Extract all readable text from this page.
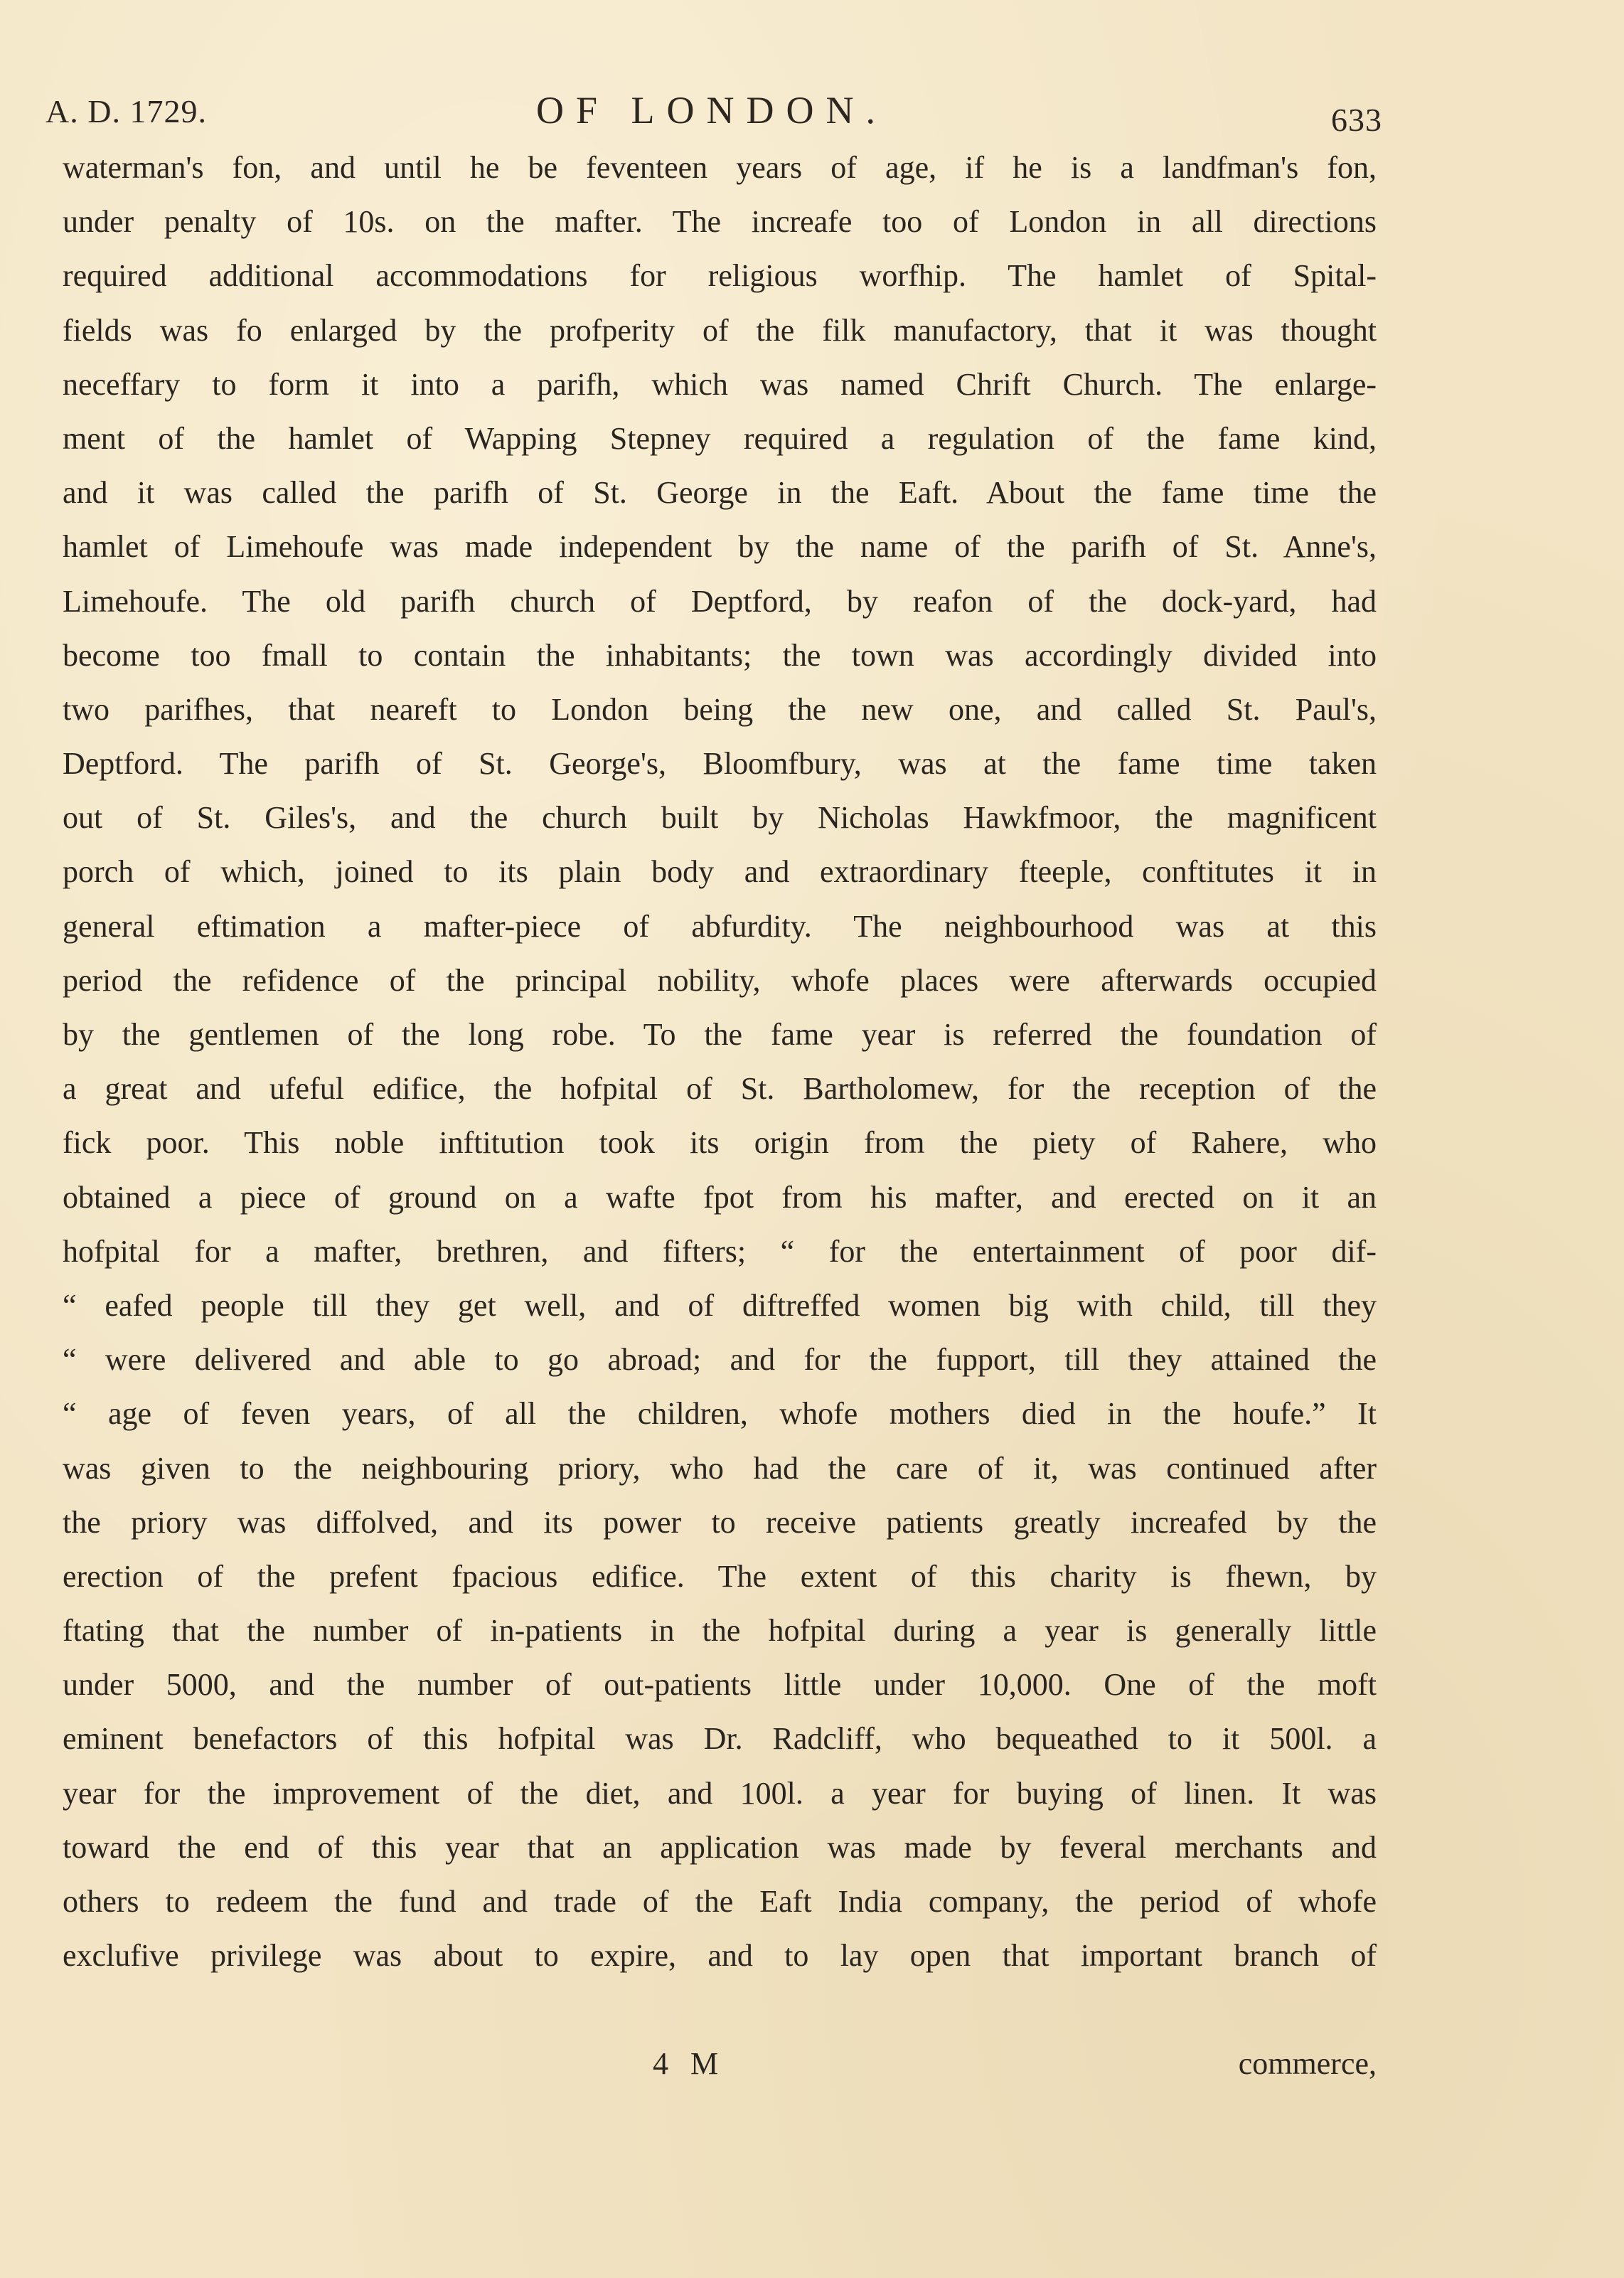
A. D. 1729.	OF LONDON.	633
waterman's fon, and until he be feventeen years of age, if he is a landfman's fon,
under penalty of 10s. on the mafter. The increafe too of London in all directions
required additional accommodations for religious worfhip. The hamlet of Spital-
fields was fo enlarged by the profperity of the filk manufactory, that it was thought
neceffary to form it into a parifh, which was named Chrift Church. The enlarge-
ment of the hamlet of Wapping Stepney required a regulation of the fame kind,
and it was called the parifh of St. George in the Eaft. About the fame time the
hamlet of Limehoufe was made independent by the name of the parifh of St. Anne's,
Limehoufe. The old parifh church of Deptford, by reafon of the dock-yard, had
become too fmall to contain the inhabitants; the town was accordingly divided into
two parifhes, that neareft to London being the new one, and called St. Paul's,
Deptford. The parifh of St. George's, Bloomfbury, was at the fame time taken
out of St. Giles's, and the church built by Nicholas Hawkfmoor, the magnificent
porch of which, joined to its plain body and extraordinary fteeple, conftitutes it in
general eftimation a mafter-piece of abfurdity. The neighbourhood was at this
period the refidence of the principal nobility, whofe places were afterwards occupied
by the gentlemen of the long robe. To the fame year is referred the foundation of
a great and ufeful edifice, the hofpital of St. Bartholomew, for the reception of the
fick poor. This noble inftitution took its origin from the piety of Rahere, who
obtained a piece of ground on a wafte fpot from his mafter, and erected on it an
hofpital for a mafter, brethren, and fifters; “ for the entertainment of poor dif-
“ eafed people till they get well, and of diftreffed women big with child, till they
“ were delivered and able to go abroad; and for the fupport, till they attained the
“ age of feven years, of all the children, whofe mothers died in the houfe.” It
was given to the neighbouring priory, who had the care of it, was continued after
the priory was diffolved, and its power to receive patients greatly increafed by the
erection of the prefent fpacious edifice. The extent of this charity is fhewn, by
ftating that the number of in-patients in the hofpital during a year is generally little
under 5000, and the number of out-patients little under 10,000. One of the moft
eminent benefactors of this hofpital was Dr. Radcliff, who bequeathed to it 500l. a
year for the improvement of the diet, and 100l. a year for buying of linen. It was
toward the end of this year that an application was made by feveral merchants and
others to redeem the fund and trade of the Eaft India company, the period of whofe
exclufive privilege was about to expire, and to lay open that important branch of
4 M	commerce,
